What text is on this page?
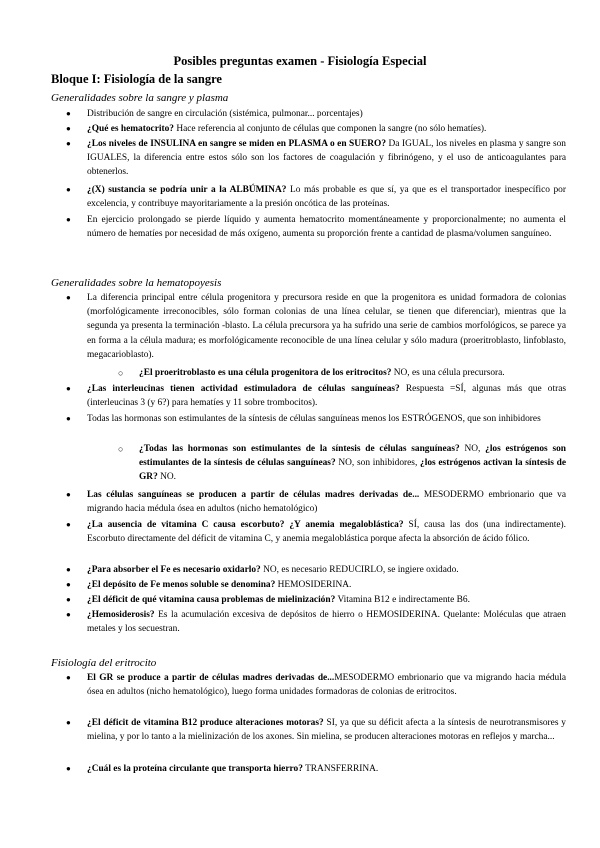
Posibles preguntas examen - Fisiología Especial
Bloque I: Fisiología de la sangre
Generalidades sobre la sangre y plasma
● Distribución de sangre en circulación (sistémica, pulmonar... porcentajes)
● ¿Qué es hematocrito? Hace referencia al conjunto de células que componen la sangre (no sólo hematíes).
● ¿Los niveles de INSULINA en sangre se miden en PLASMA o en SUERO? Da IGUAL, los niveles en plasma y sangre son IGUALES, la diferencia entre estos sólo son los factores de coagulación y fibrinógeno, y el uso de anticoagulantes para obtenerlos.
● ¿(X) sustancia se podría unir a la ALBÚMINA? Lo más probable es que sí, ya que es el transportador inespecífico por excelencia, y contribuye mayoritariamente a la presión oncótica de las proteínas.
● En ejercicio prolongado se pierde líquido y aumenta hematocrito momentáneamente y proporcionalmente; no aumenta el número de hematíes por necesidad de más oxígeno, aumenta su proporción frente a cantidad de plasma/volumen sanguíneo.
Generalidades sobre la hematopoyesis
● La diferencia principal entre célula progenitora y precursora reside en que la progenitora es unidad formadora de colonias (morfológicamente irreconocibles, sólo forman colonias de una línea celular, se tienen que diferenciar), mientras que la segunda ya presenta la terminación -blasto. La célula precursora ya ha sufrido una serie de cambios morfológicos, se parece ya en forma a la célula madura; es morfológicamente reconocible de una línea celular y sólo madura (proeritroblasto, linfoblasto, megacarioblasto).
○ ¿El proeritroblasto es una célula progenitora de los eritrocitos? NO, es una célula precursora.
● ¿Las interleucinas tienen actividad estimuladora de células sanguíneas? Respuesta =SÍ, algunas más que otras (interleucinas 3 (y 6?) para hematíes y 11 sobre trombocitos).
● Todas las hormonas son estimulantes de la síntesis de células sanguíneas menos los ESTRÓGENOS, que son inhibidores
○ ¿Todas las hormonas son estimulantes de la síntesis de células sanguíneas? NO, ¿los estrógenos son estimulantes de la síntesis de células sanguíneas? NO, son inhibidores, ¿los estrógenos activan la síntesis de GR? NO.
● Las células sanguíneas se producen a partir de células madres derivadas de... MESODERMO embrionario que va migrando hacia médula ósea en adultos (nicho hematológico)
● ¿La ausencia de vitamina C causa escorbuto? ¿Y anemia megaloblástica? SÍ, causa las dos (una indirectamente). Escorbuto directamente del déficit de vitamina C, y anemia megaloblástica porque afecta la absorción de ácido fólico.
● ¿Para absorber el Fe es necesario oxidarlo? NO, es necesario REDUCIRLO, se ingiere oxidado.
● ¿El depósito de Fe menos soluble se denomina? HEMOSIDERINA.
● ¿El déficit de qué vitamina causa problemas de mielinización? Vitamina B12 e indirectamente B6.
● ¿Hemosiderosis? Es la acumulación excesiva de depósitos de hierro o HEMOSIDERINA. Quelante: Moléculas que atraen metales y los secuestran.
Fisiología del eritrocito
● El GR se produce a partir de células madres derivadas de...MESODERMO embrionario que va migrando hacia médula ósea en adultos (nicho hematológico), luego forma unidades formadoras de colonias de eritrocitos.
● ¿El déficit de vitamina B12 produce alteraciones motoras? SI, ya que su déficit afecta a la síntesis de neurotransmisores y mielina, y por lo tanto a la mielinización de los axones. Sin mielina, se producen alteraciones motoras en reflejos y marcha...
● ¿Cuál es la proteína circulante que transporta hierro? TRANSFERRINA.
